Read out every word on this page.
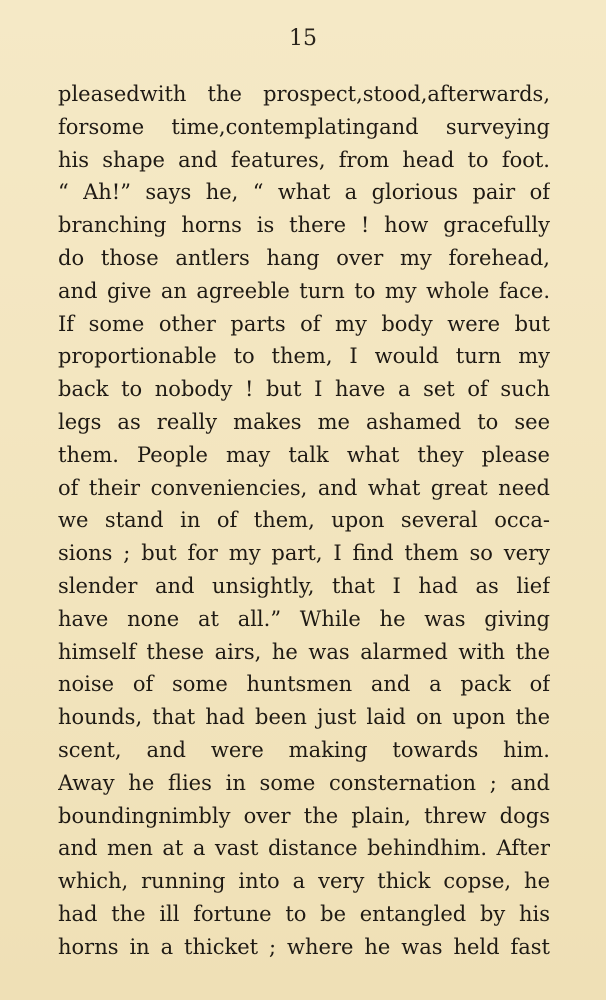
15
pleasedwith the prospect,stood,afterwards,
forsome time,contemplatingand surveying
his shape and features, from head to foot.
“ Ah!” says he, “ what a glorious pair of
branching horns is there ! how gracefully
do those antlers hang over my forehead,
and give an agreeble turn to my whole face.
If some other parts of my body were but
proportionable to them, I would turn my
back to nobody ! but I have a set of such
legs as really makes me ashamed to see
them. People may talk what they please
of their conveniencies, and what great need
we stand in of them, upon several occa-
sions ; but for my part, I find them so very
slender and unsightly, that I had as lief
have none at all.” While he was giving
himself these airs, he was alarmed with the
noise of some huntsmen and a pack of
hounds, that had been just laid on upon the
scent, and were making towards him.
Away he flies in some consternation ; and
boundingnimbly over the plain, threw dogs
and men at a vast distance behindhim. After
which, running into a very thick copse, he
had the ill fortune to be entangled by his
horns in a thicket ; where he was held fast
